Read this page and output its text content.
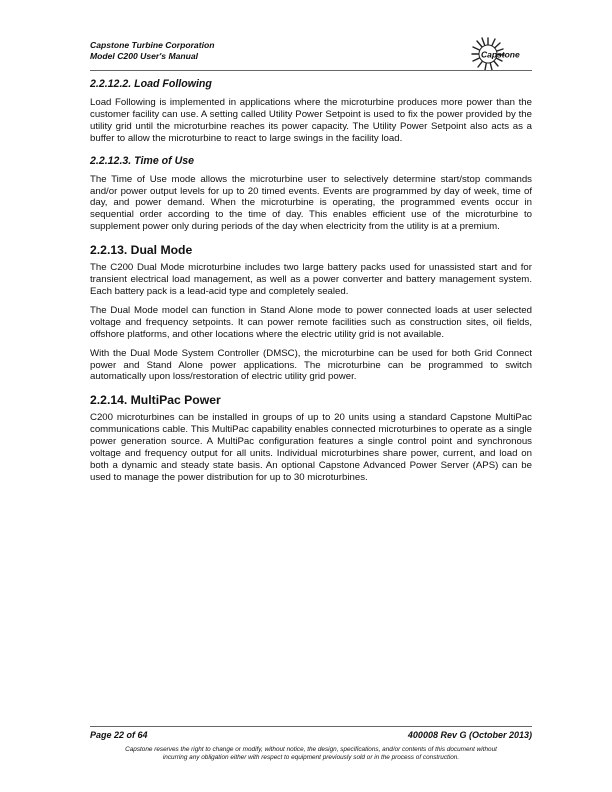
Capstone Turbine Corporation
Model C200 User's Manual	Capstone
2.2.12.2. Load Following

Load Following is implemented in applications where the microturbine produces more power than the customer facility can use. A setting called Utility Power Setpoint is used to fix the power provided by the utility grid until the microturbine reaches its power capacity. The Utility Power Setpoint also acts as a buffer to allow the microturbine to react to large swings in the facility load.

2.2.12.3. Time of Use

The Time of Use mode allows the microturbine user to selectively determine start/stop commands and/or power output levels for up to 20 timed events. Events are programmed by day of week, time of day, and power demand. When the microturbine is operating, the programmed events occur in sequential order according to the time of day. This enables efficient use of the microturbine to supplement power only during periods of the day when electricity from the utility is at a premium.

2.2.13. Dual Mode

The C200 Dual Mode microturbine includes two large battery packs used for unassisted start and for transient electrical load management, as well as a power converter and battery management system. Each battery pack is a lead-acid type and completely sealed.

The Dual Mode model can function in Stand Alone mode to power connected loads at user selected voltage and frequency setpoints. It can power remote facilities such as construction sites, oil fields, offshore platforms, and other locations where the electric utility grid is not available.

With the Dual Mode System Controller (DMSC), the microturbine can be used for both Grid Connect power and Stand Alone power applications. The microturbine can be programmed to switch automatically upon loss/restoration of electric utility grid power.

2.2.14. MultiPac Power

C200 microturbines can be installed in groups of up to 20 units using a standard Capstone MultiPac communications cable. This MultiPac capability enables connected microturbines to operate as a single power generation source. A MultiPac configuration features a single control point and synchronous voltage and frequency output for all units. Individual microturbines share power, current, and load on both a dynamic and steady state basis. An optional Capstone Advanced Power Server (APS) can be used to manage the power distribution for up to 30 microturbines.

Page 22 of 64	400008 Rev G (October 2013)
Capstone reserves the right to change or modify, without notice, the design, specifications, and/or contents of this document without
incurring any obligation either with respect to equipment previously sold or in the process of construction.
